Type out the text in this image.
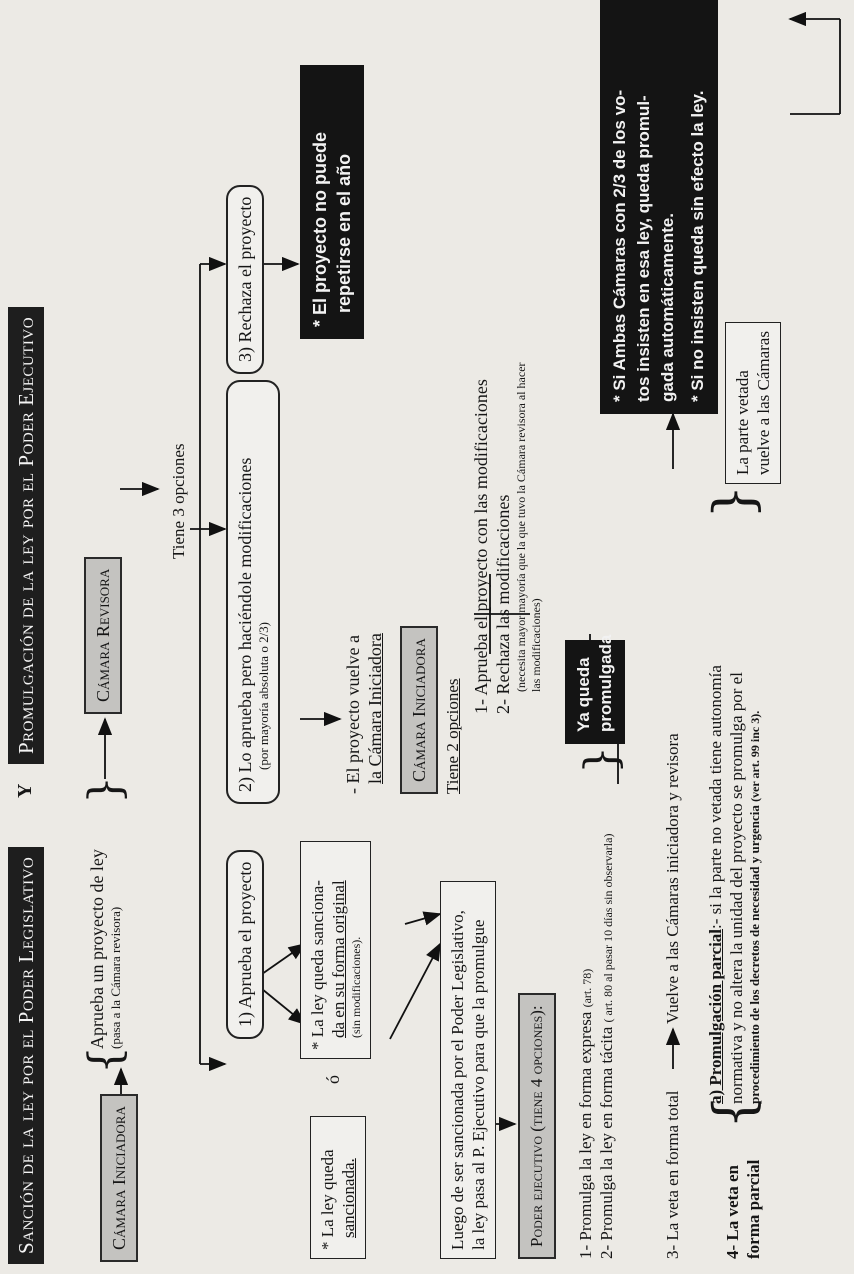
Sanción de la ley por el Poder Legislativo
Y
Promulgación de la ley por el Poder Ejecutivo
Cámara Iniciadora
{
Aprueba un proyecto de ley (pasa a la Cámara revisora)
}
Cámara Revisora
Tiene 3 opciones
1) Aprueba el proyecto
2) Lo aprueba pero haciéndole modificaciones (por mayoría absoluta o 2/3)
3) Rechaza el proyecto	* El proyecto no puede repetirse en el año
* La ley queda sancionada.
ó
* La ley queda sanciona- da en su forma original (sin modificaciones).
- El proyecto vuelve a la Cámara Iniciadora	Cámara Iniciadora Tiene 2 opciones
1- Aprueba el proyecto con las modificaciones 2- Rechaza las modificaciones (necesita mayor mayoría que la que tuvo la Cámara revisora al hacer las modificaciones)
Luego de ser sancionada por el Poder Legislativo, la ley pasa al P. Ejecutivo para que la promulgue	Poder ejecutivo (tiene 4 opciones):	1- Promulga la ley en forma expresa (art. 78)
2- Promulga la ley en forma tácita ( art. 80 al pasar 10 días sin observarla)
3- La veta en forma total
Vuelve a las Cámaras iniciadora y revisora
}
Ya queda promulgada
* Si Ambas Cámaras con 2/3 de los vo- tos insisten en esa ley, queda promul- gada automáticamente. * Si no insisten queda sin efecto la ley.
4- La veta en forma parcial
{
a) Promulgación parcial:- si la parte no vetada tiene autonomía normativa y no altera la unidad del proyecto se promulga por el procedimiento de los decretos de necesidad y urgencia (ver art. 99 inc 3).
}
La parte vetada vuelve a las Cámaras
